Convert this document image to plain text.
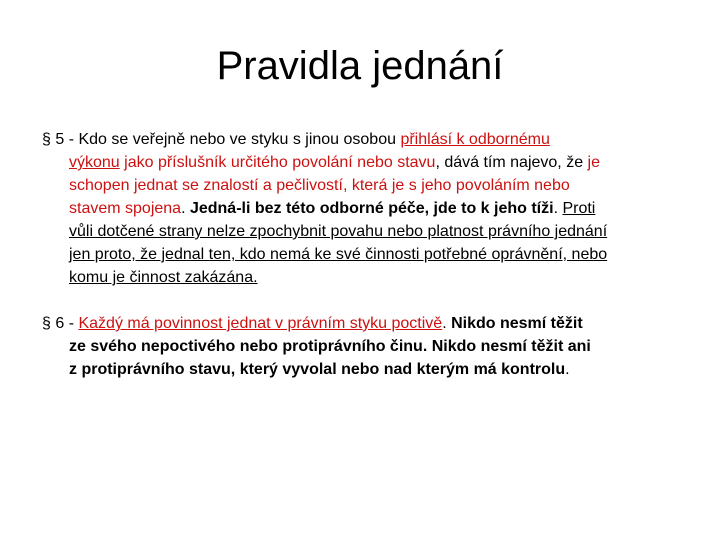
Pravidla jednání
§ 5 - Kdo se veřejně nebo ve styku s jinou osobou přihlásí k odbornému
výkonu jako příslušník určitého povolání nebo stavu, dává tím najevo, že je
schopen jednat se znalostí a pečlivostí, která je s jeho povoláním nebo
stavem spojena. Jedná-li bez této odborné péče, jde to k jeho tíži. Proti
vůli dotčené strany nelze zpochybnit povahu nebo platnost právního jednání
jen proto, že jednal ten, kdo nemá ke své činnosti potřebné oprávnění, nebo
komu je činnost zakázána.
§ 6 - Každý má povinnost jednat v právním styku poctivě. Nikdo nesmí těžit
ze svého nepoctivého nebo protiprávního činu. Nikdo nesmí těžit ani
z protiprávního stavu, který vyvolal nebo nad kterým má kontrolu.
